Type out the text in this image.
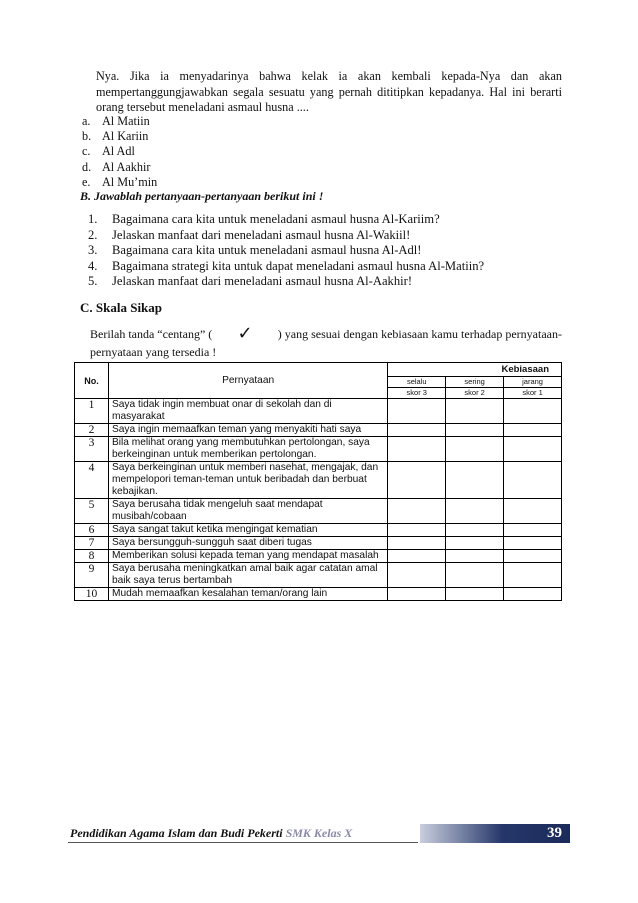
Nya. Jika ia menyadarinya bahwa kelak ia akan kembali kepada-Nya dan akan mempertanggungjawabkan segala sesuatu yang pernah dititipkan kepadanya. Hal ini berarti orang tersebut meneladani asmaul husna ....
a. Al Matiin
b. Al Kariin
c. Al Adl
d. Al Aakhir
e. Al Mu’min
B. Jawablah pertanyaan-pertanyaan berikut ini !
1.	Bagaimana cara kita untuk meneladani asmaul husna Al-Kariim?
2.	Jelaskan manfaat dari meneladani asmaul husna Al-Wakiil!
3.	Bagaimana cara kita untuk meneladani asmaul husna Al-Adl!
4.	Bagaimana strategi kita untuk dapat meneladani asmaul husna Al-Matiin?
5.	Jelaskan manfaat dari meneladani asmaul husna Al-Aakhir!
C. Skala Sikap
Berilah tanda “centang” ( ✓ ) yang sesuai dengan kebiasaan kamu terhadap pernyataan-
pernyataan yang tersedia !
No.	Pernyataan	Kebiasaan		
		selalu	sering	jarang
		skor 3	skor 2	skor 1
1	Saya tidak ingin membuat onar di sekolah dan di masyarakat			
2	Saya ingin memaafkan teman yang menyakiti hati saya			
3	Bila melihat orang yang membutuhkan pertolongan, saya berkeinginan untuk memberikan pertolongan.			
4	Saya berkeinginan untuk memberi nasehat, mengajak, dan mempelopori teman-teman untuk beribadah dan berbuat kebajikan.			
5	Saya berusaha tidak mengeluh saat mendapat musibah/cobaan			
6	Saya sangat takut ketika mengingat kematian			
7	Saya bersungguh-sungguh saat diberi tugas			
8	Memberikan solusi kepada teman yang mendapat masalah			
9	Saya berusaha meningkatkan amal baik agar catatan amal baik saya terus bertambah			
10	Mudah memaafkan kesalahan teman/orang lain			
Pendidikan Agama Islam dan Budi Pekerti SMK Kelas X	39
